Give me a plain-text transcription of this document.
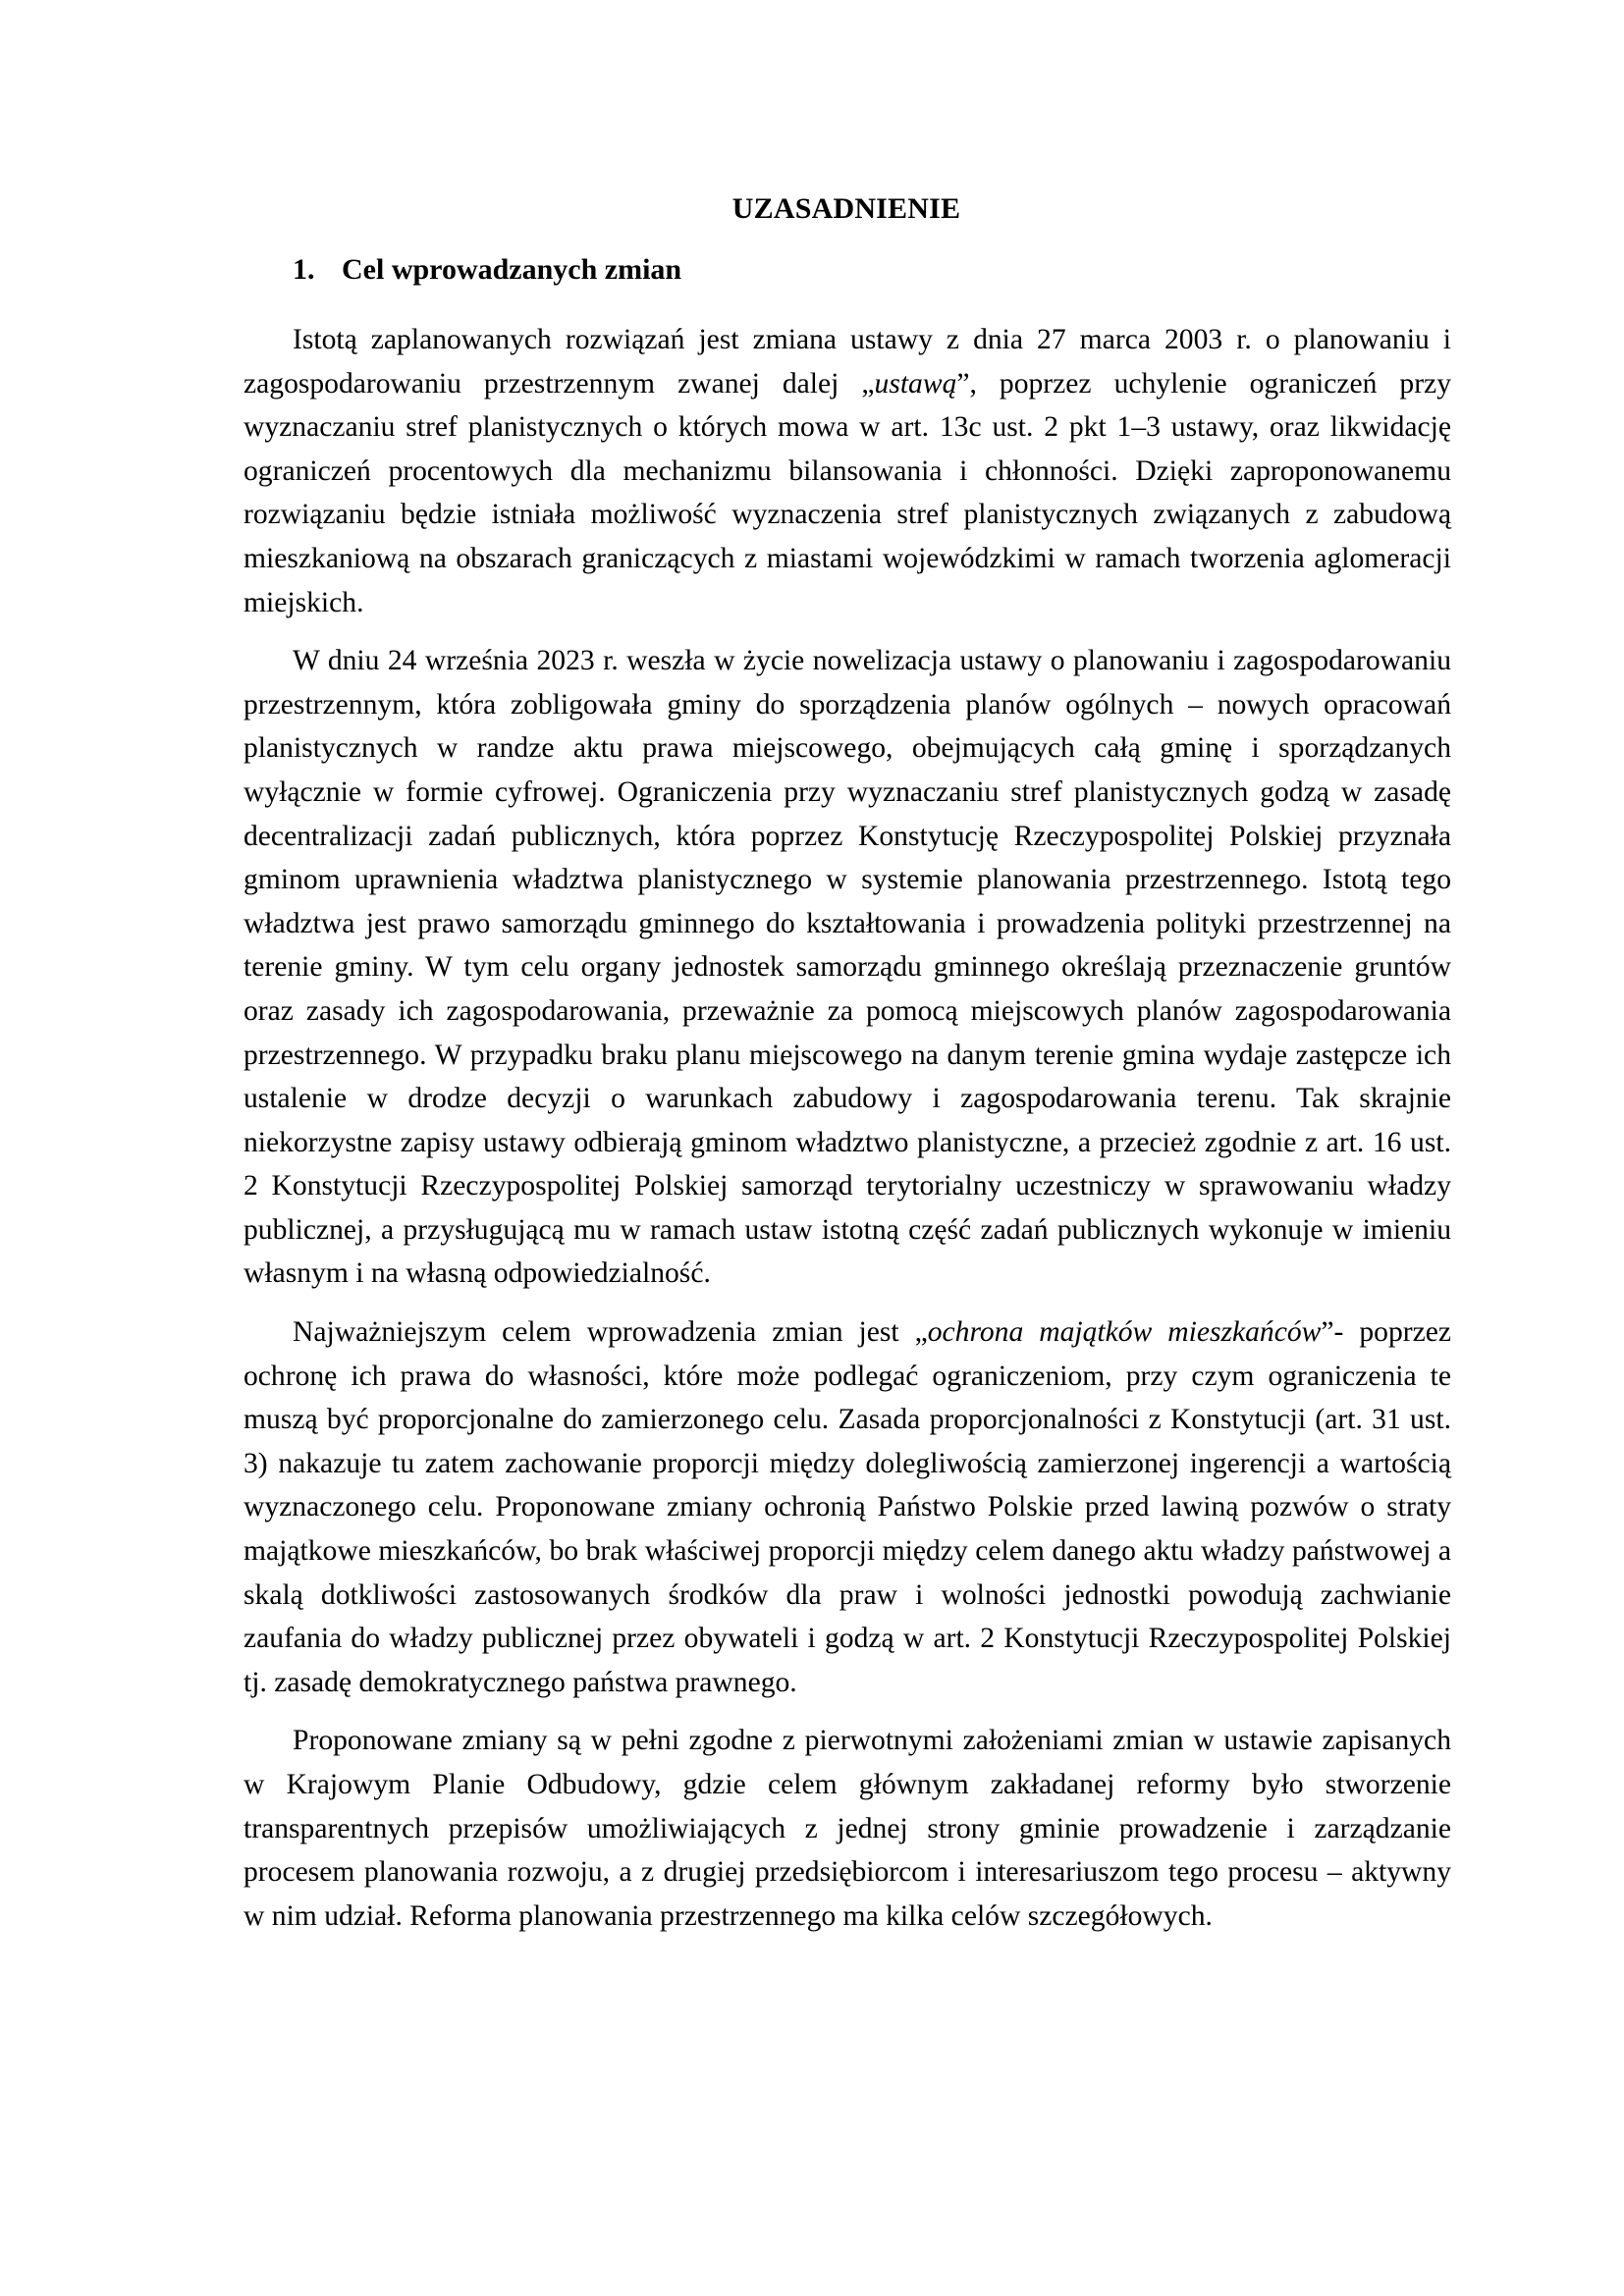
UZASADNIENIE
1. Cel wprowadzanych zmian

Istotą zaplanowanych rozwiązań jest zmiana ustawy z dnia 27 marca 2003 r. o planowaniu i zagospodarowaniu przestrzennym zwanej dalej „ustawą”, poprzez uchylenie ograniczeń przy wyznaczaniu stref planistycznych o których mowa w art. 13c ust. 2 pkt 1–3 ustawy, oraz likwidację ograniczeń procentowych dla mechanizmu bilansowania i chłonności. Dzięki zaproponowanemu rozwiązaniu będzie istniała możliwość wyznaczenia stref planistycznych związanych z zabudową mieszkaniową na obszarach graniczących z miastami wojewódzkimi w ramach tworzenia aglomeracji miejskich.

W dniu 24 września 2023 r. weszła w życie nowelizacja ustawy o planowaniu i zagospodarowaniu przestrzennym, która zobligowała gminy do sporządzenia planów ogólnych – nowych opracowań planistycznych w randze aktu prawa miejscowego, obejmujących całą gminę i sporządzanych wyłącznie w formie cyfrowej. Ograniczenia przy wyznaczaniu stref planistycznych godzą w zasadę decentralizacji zadań publicznych, która poprzez Konstytucję Rzeczypospolitej Polskiej przyznała gminom uprawnienia władztwa planistycznego w systemie planowania przestrzennego. Istotą tego władztwa jest prawo samorządu gminnego do kształtowania i prowadzenia polityki przestrzennej na terenie gminy. W tym celu organy jednostek samorządu gminnego określają przeznaczenie gruntów oraz zasady ich zagospodarowania, przeważnie za pomocą miejscowych planów zagospodarowania przestrzennego. W przypadku braku planu miejscowego na danym terenie gmina wydaje zastępcze ich ustalenie w drodze decyzji o warunkach zabudowy i zagospodarowania terenu. Tak skrajnie niekorzystne zapisy ustawy odbierają gminom władztwo planistyczne, a przecież zgodnie z art. 16 ust. 2 Konstytucji Rzeczypospolitej Polskiej samorząd terytorialny uczestniczy w sprawowaniu władzy publicznej, a przysługującą mu w ramach ustaw istotną część zadań publicznych wykonuje w imieniu własnym i na własną odpowiedzialność.

Najważniejszym celem wprowadzenia zmian jest „ochrona majątków mieszkańców”- poprzez ochronę ich prawa do własności, które może podlegać ograniczeniom, przy czym ograniczenia te muszą być proporcjonalne do zamierzonego celu. Zasada proporcjonalności z Konstytucji (art. 31 ust. 3) nakazuje tu zatem zachowanie proporcji między dolegliwością zamierzonej ingerencji a wartością wyznaczonego celu. Proponowane zmiany ochronią Państwo Polskie przed lawiną pozwów o straty majątkowe mieszkańców, bo brak właściwej proporcji między celem danego aktu władzy państwowej a skalą dotkliwości zastosowanych środków dla praw i wolności jednostki powodują zachwianie zaufania do władzy publicznej przez obywateli i godzą w art. 2 Konstytucji Rzeczypospolitej Polskiej tj. zasadę demokratycznego państwa prawnego.

Proponowane zmiany są w pełni zgodne z pierwotnymi założeniami zmian w ustawie zapisanych w Krajowym Planie Odbudowy, gdzie celem głównym zakładanej reformy było stworzenie transparentnych przepisów umożliwiających z jednej strony gminie prowadzenie i zarządzanie procesem planowania rozwoju, a z drugiej przedsiębiorcom i interesariuszom tego procesu – aktywny w nim udział. Reforma planowania przestrzennego ma kilka celów szczegółowych.
